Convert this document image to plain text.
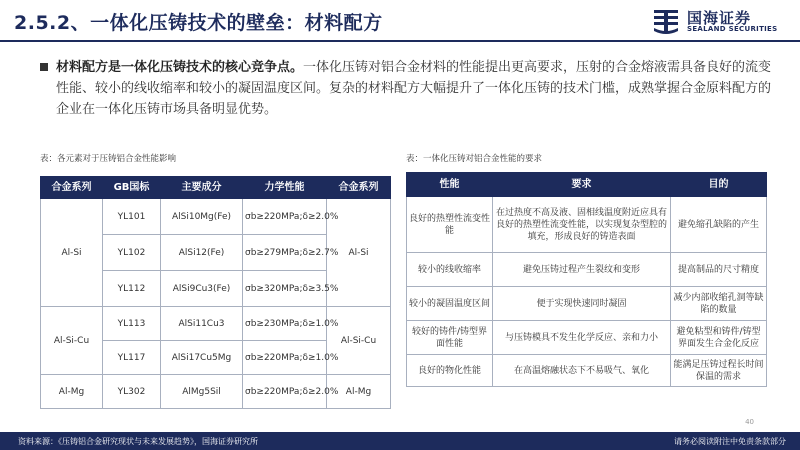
2.5.2、一体化压铸技术的壁垒：材料配方	国海证券
SEALAND SECURITIES
材料配方是一体化压铸技术的核心竞争点。一体化压铸对铝合金材料的性能提出更高要求，压射的合金熔液需具备良好的流变性能、较小的线收缩率和较小的凝固温度区间。复杂的材料配方大幅提升了一体化压铸的技术门槛，成熟掌握合金原料配方的企业在一体化压铸市场具备明显优势。
表：各元素对于压铸铝合金性能影响
合金系列	GB国标	主要成分	力学性能	合金系列
Al-Si	YL101	AlSi10Mg(Fe)	σb≥220MPa;δ≥2.0%	Al-Si
	YL102	AlSi12(Fe)	σb≥279MPa;δ≥2.7%	
	YL112	AlSi9Cu3(Fe)	σb≥320MPa;δ≥3.5%	
Al-Si-Cu	YL113	AlSi11Cu3	σb≥230MPa;δ≥1.0%	Al-Si-Cu
	YL117	AlSi17Cu5Mg	σb≥220MPa;δ≥1.0%	
Al-Mg	YL302	AlMg5Sil	σb≥220MPa;δ≥2.0%	Al-Mg
表：一体化压铸对铝合金性能的要求
性能	要求	目的
良好的热塑性流变性能	在过热度不高及液、固相线温度附近应具有良好的热塑性流变性能，以实现复杂型腔的填充，形成良好的铸造表面	避免缩孔缺陷的产生
较小的线收缩率	避免压铸过程产生裂纹和变形	提高制品的尺寸精度
较小的凝固温度区间	便于实现快速同时凝固	减少内部收缩孔洞等缺陷的数量
较好的铸件/铸型界面性能	与压铸模具不发生化学反应、亲和力小	避免粘型和铸件/铸型界面发生合金化反应
良好的物化性能	在高温熔融状态下不易吸气、氧化	能满足压铸过程长时间保温的需求
40
资料来源：《压铸铝合金研究现状与未来发展趋势》，国海证券研究所	请务必阅读附注中免责条款部分
